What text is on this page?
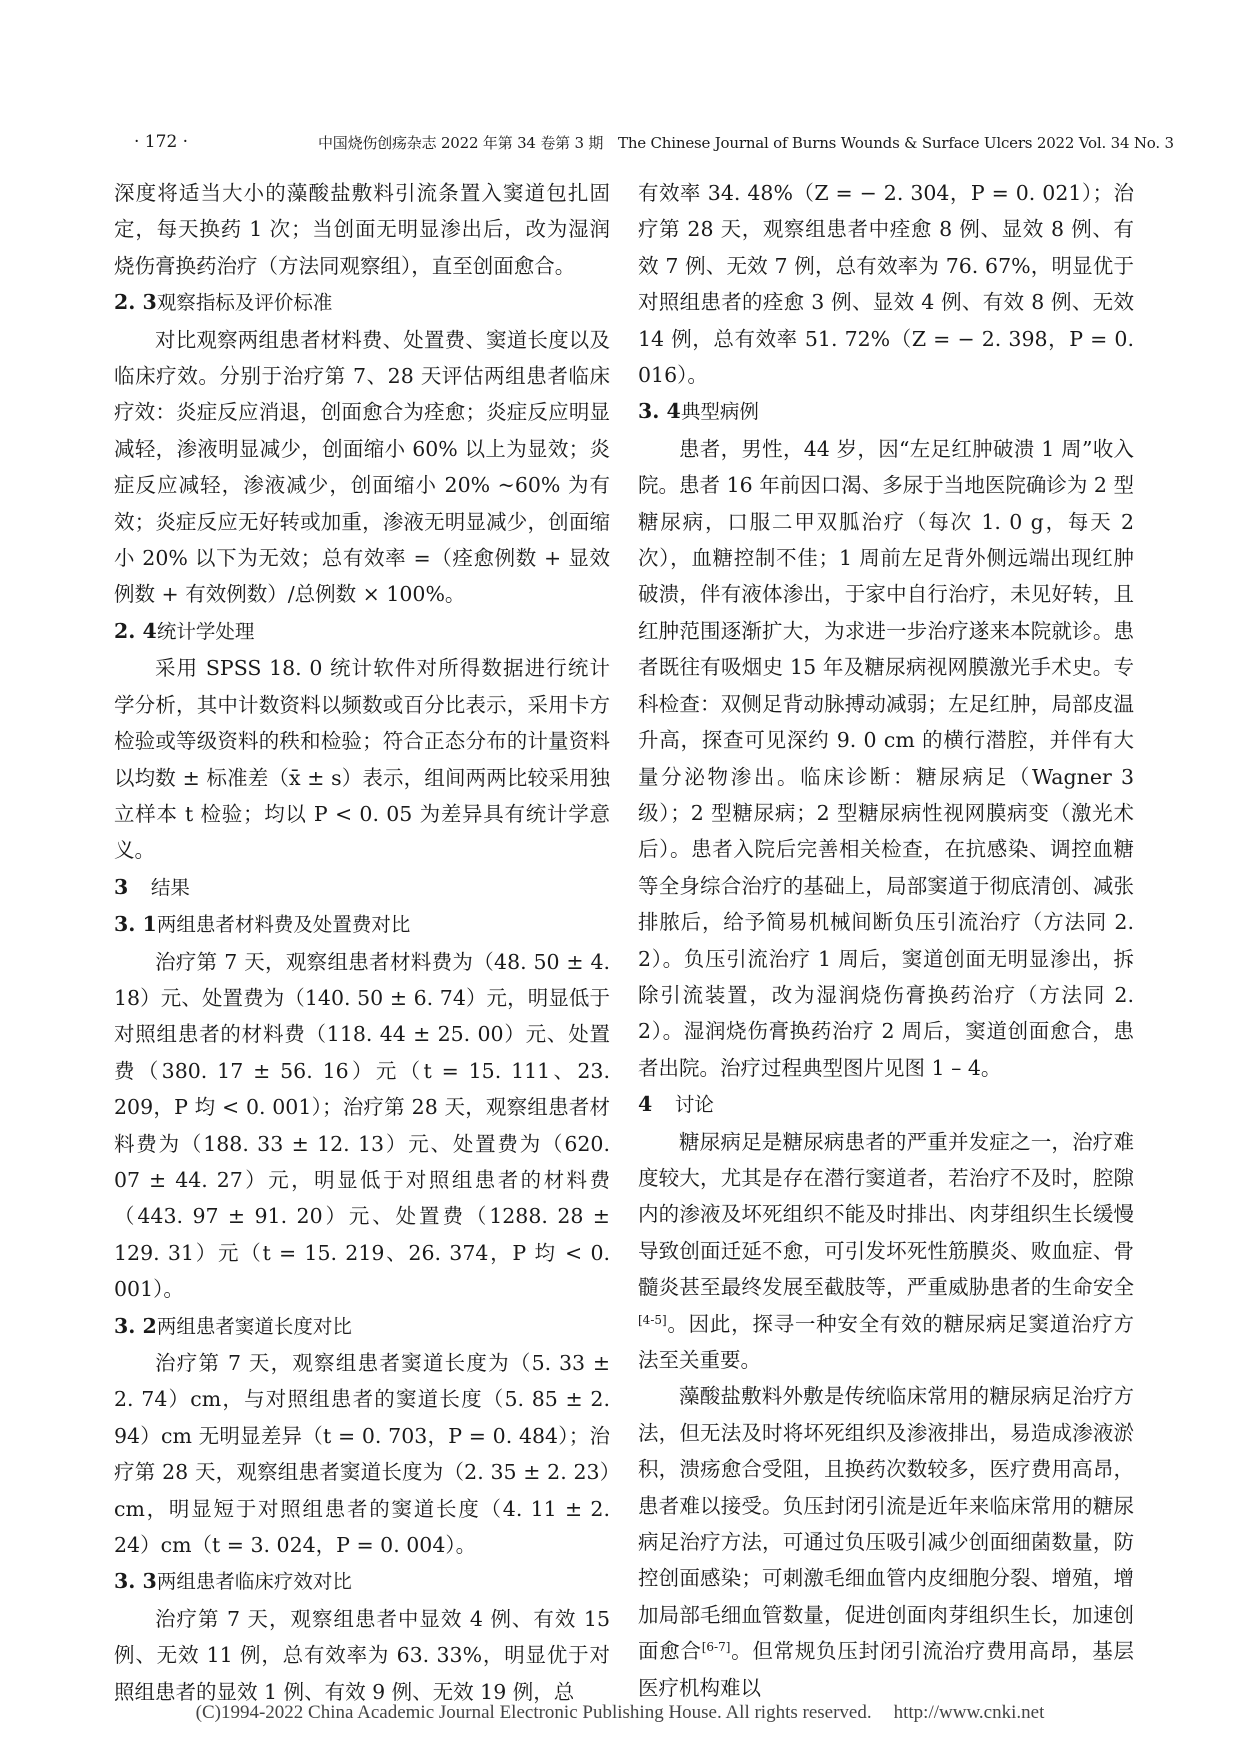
· 172 ·	中国烧伤创疡杂志 2022 年第 34 卷第 3 期　The Chinese Journal of Burns Wounds & Surface Ulcers 2022 Vol. 34 No. 3

深度将适当大小的藻酸盐敷料引流条置入窦道包扎固定，每天换药 1 次；当创面无明显渗出后，改为湿润烧伤膏换药治疗（方法同观察组），直至创面愈合。

2. 3观察指标及评价标准

对比观察两组患者材料费、处置费、窦道长度以及临床疗效。分别于治疗第 7、28 天评估两组患者临床疗效：炎症反应消退，创面愈合为痊愈；炎症反应明显减轻，渗液明显减少，创面缩小 60% 以上为显效；炎症反应减轻，渗液减少，创面缩小 20% ~60% 为有效；炎症反应无好转或加重，渗液无明显减少，创面缩小 20% 以下为无效；总有效率 =（痊愈例数 + 显效例数 + 有效例数）/总例数 × 100%。

2. 4统计学处理

采用 SPSS 18. 0 统计软件对所得数据进行统计学分析，其中计数资料以频数或百分比表示，采用卡方检验或等级资料的秩和检验；符合正态分布的计量资料以均数 ± 标准差（x̄ ± s）表示，组间两两比较采用独立样本 t 检验；均以 P < 0. 05 为差异具有统计学意义。

3 结果
3. 1两组患者材料费及处置费对比

治疗第 7 天，观察组患者材料费为（48. 50 ± 4. 18）元、处置费为（140. 50 ± 6. 74）元，明显低于对照组患者的材料费（118. 44 ± 25. 00）元、处置费（380. 17 ± 56. 16）元（t = 15. 111、23. 209，P 均 < 0. 001）；治疗第 28 天，观察组患者材料费为（188. 33 ± 12. 13）元、处置费为（620. 07 ± 44. 27）元，明显低于对照组患者的材料费（443. 97 ± 91. 20）元、处置费（1288. 28 ± 129. 31）元（t = 15. 219、26. 374，P 均 < 0. 001）。

3. 2两组患者窦道长度对比

治疗第 7 天，观察组患者窦道长度为（5. 33 ± 2. 74）cm，与对照组患者的窦道长度（5. 85 ± 2. 94）cm 无明显差异（t = 0. 703，P = 0. 484）；治疗第 28 天，观察组患者窦道长度为（2. 35 ± 2. 23）cm，明显短于对照组患者的窦道长度（4. 11 ± 2. 24）cm（t = 3. 024，P = 0. 004）。

3. 3两组患者临床疗效对比

治疗第 7 天，观察组患者中显效 4 例、有效 15 例、无效 11 例，总有效率为 63. 33%，明显优于对照组患者的显效 1 例、有效 9 例、无效 19 例，总

有效率 34. 48%（Z = − 2. 304，P = 0. 021）；治疗第 28 天，观察组患者中痊愈 8 例、显效 8 例、有效 7 例、无效 7 例，总有效率为 76. 67%，明显优于对照组患者的痊愈 3 例、显效 4 例、有效 8 例、无效 14 例，总有效率 51. 72%（Z = − 2. 398，P = 0. 016）。

3. 4典型病例

患者，男性，44 岁，因“左足红肿破溃 1 周”收入院。患者 16 年前因口渴、多尿于当地医院确诊为 2 型糖尿病，口服二甲双胍治疗（每次 1. 0 g，每天 2 次），血糖控制不佳；1 周前左足背外侧远端出现红肿破溃，伴有液体渗出，于家中自行治疗，未见好转，且红肿范围逐渐扩大，为求进一步治疗遂来本院就诊。患者既往有吸烟史 15 年及糖尿病视网膜激光手术史。专科检查：双侧足背动脉搏动减弱；左足红肿，局部皮温升高，探查可见深约 9. 0 cm 的横行潜腔，并伴有大量分泌物渗出。临床诊断：糖尿病足（Wagner 3 级）；2 型糖尿病；2 型糖尿病性视网膜病变（激光术后）。患者入院后完善相关检查，在抗感染、调控血糖等全身综合治疗的基础上，局部窦道于彻底清创、减张排脓后，给予简易机械间断负压引流治疗（方法同 2. 2）。负压引流治疗 1 周后，窦道创面无明显渗出，拆除引流装置，改为湿润烧伤膏换药治疗（方法同 2. 2）。湿润烧伤膏换药治疗 2 周后，窦道创面愈合，患者出院。治疗过程典型图片见图 1 – 4。

4 讨论

糖尿病足是糖尿病患者的严重并发症之一，治疗难度较大，尤其是存在潜行窦道者，若治疗不及时，腔隙内的渗液及坏死组织不能及时排出、肉芽组织生长缓慢导致创面迁延不愈，可引发坏死性筋膜炎、败血症、骨髓炎甚至最终发展至截肢等，严重威胁患者的生命安全[4-5]。因此，探寻一种安全有效的糖尿病足窦道治疗方法至关重要。

藻酸盐敷料外敷是传统临床常用的糖尿病足治疗方法，但无法及时将坏死组织及渗液排出，易造成渗液淤积，溃疡愈合受阻，且换药次数较多，医疗费用高昂，患者难以接受。负压封闭引流是近年来临床常用的糖尿病足治疗方法，可通过负压吸引减少创面细菌数量，防控创面感染；可刺激毛细血管内皮细胞分裂、增殖，增加局部毛细血管数量，促进创面肉芽组织生长，加速创面愈合[6-7]。但常规负压封闭引流治疗费用高昂，基层医疗机构难以

(C)1994-2022 China Academic Journal Electronic Publishing House. All rights reserved. http://www.cnki.net
